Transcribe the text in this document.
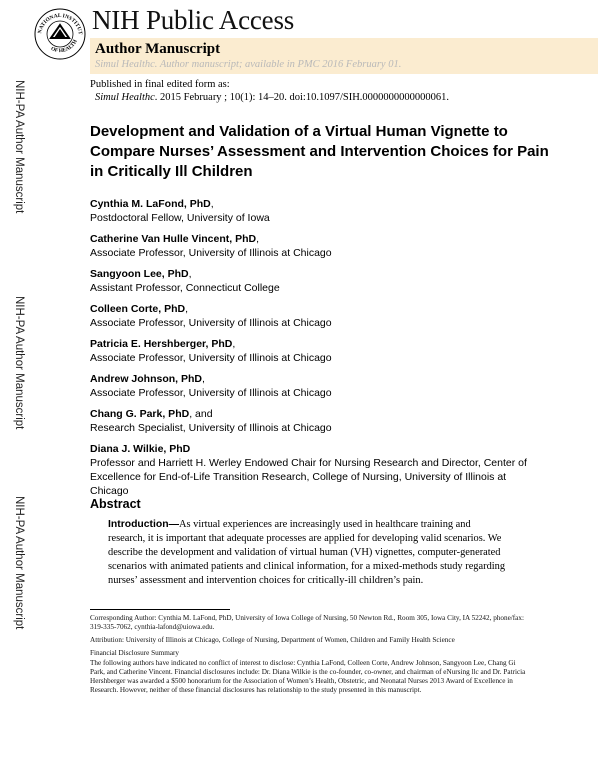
NATIONAL INSTITUT
OF HEALTH
NIH Public Access
Author Manuscript
Simul Healthc. Author manuscript; available in PMC 2016 February 01.
Published in final edited form as:
Simul Healthc. 2015 February ; 10(1): 14–20. doi:10.1097/SIH.0000000000000061.
NIH-PA Author Manuscript
NIH-PA Author Manuscript
NIH-PA Author Manuscript
Development and Validation of a Virtual Human Vignette to Compare Nurses’ Assessment and Intervention Choices for Pain in Critically Ill Children
Cynthia M. LaFond, PhD,
Postdoctoral Fellow, University of Iowa
Catherine Van Hulle Vincent, PhD,
Associate Professor, University of Illinois at Chicago
Sangyoon Lee, PhD,
Assistant Professor, Connecticut College
Colleen Corte, PhD,
Associate Professor, University of Illinois at Chicago
Patricia E. Hershberger, PhD,
Associate Professor, University of Illinois at Chicago
Andrew Johnson, PhD,
Associate Professor, University of Illinois at Chicago
Chang G. Park, PhD, and
Research Specialist, University of Illinois at Chicago
Diana J. Wilkie, PhD
Professor and Harriett H. Werley Endowed Chair for Nursing Research and Director, Center of Excellence for End-of-Life Transition Research, College of Nursing, University of Illinois at Chicago
Abstract
Introduction—As virtual experiences are increasingly used in healthcare training and research, it is important that adequate processes are applied for developing valid scenarios. We describe the development and validation of virtual human (VH) vignettes, computer-generated scenarios with animated patients and clinical information, for a mixed-methods study regarding nurses’ assessment and intervention choices for critically-ill children’s pain.
Corresponding Author: Cynthia M. LaFond, PhD, University of Iowa College of Nursing, 50 Newton Rd., Room 305, Iowa City, IA 52242, phone/fax: 319-335-7062, cynthia-lafond@uiowa.edu.
Attribution: University of Illinois at Chicago, College of Nursing, Department of Women, Children and Family Health Science
Financial Disclosure Summary
The following authors have indicated no conflict of interest to disclose: Cynthia LaFond, Colleen Corte, Andrew Johnson, Sangyoon Lee, Chang Gi Park, and Catherine Vincent. Financial disclosures include: Dr. Diana Wilkie is the co-founder, co-owner, and chairman of eNursing llc and Dr. Patricia Hershberger was awarded a $500 honorarium for the Association of Women’s Health, Obstetric, and Neonatal Nurses 2013 Award of Excellence in Research. However, neither of these financial disclosures has relationship to the study presented in this manuscript.
